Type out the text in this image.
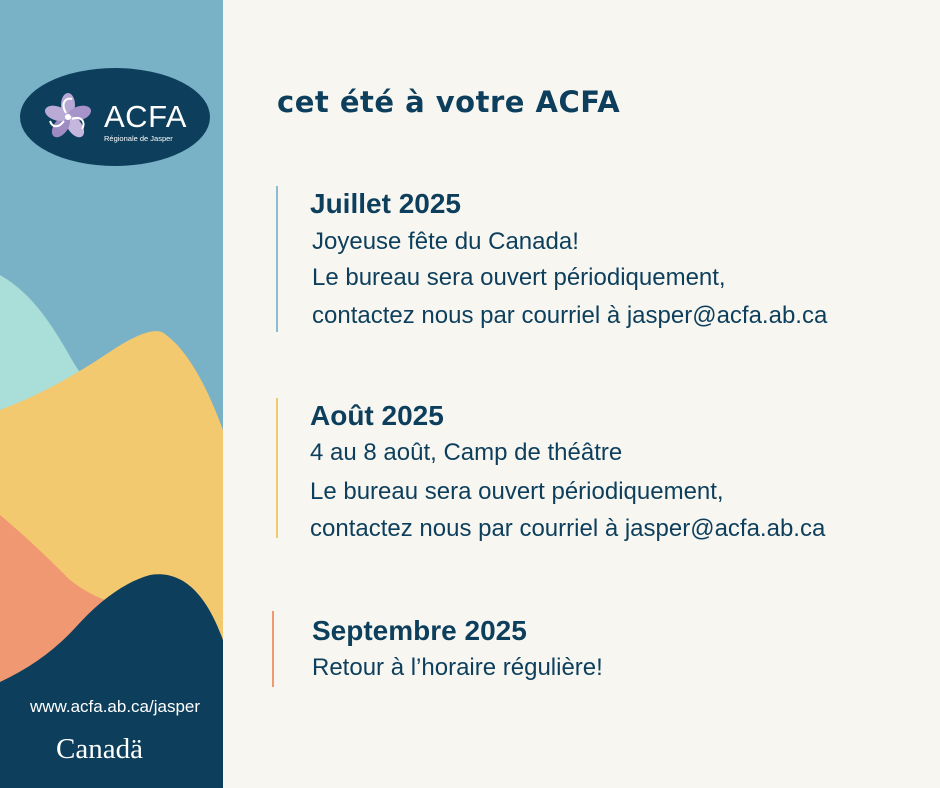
ACFA
Régionale de Jasper
www.acfa.ab.ca/jasper
Canadä
cet été à votre ACFA
Juillet 2025
Joyeuse fête du Canada!
Le bureau sera ouvert périodiquement,
contactez nous par courriel à jasper@acfa.ab.ca
Août 2025
4 au 8 août, Camp de théâtre
Le bureau sera ouvert périodiquement,
contactez nous par courriel à jasper@acfa.ab.ca
Septembre 2025
Retour à l’horaire régulière!
